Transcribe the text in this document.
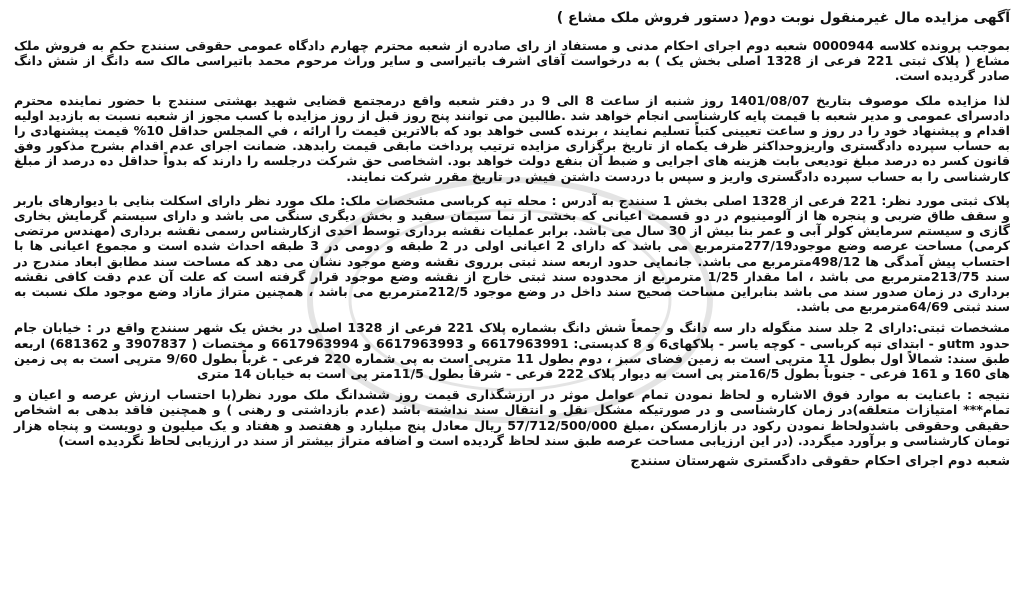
آگهی مزایده مال غیرمنقول نوبت دوم( دستور فروش ملک مشاع )
بموجب پرونده کلاسه 0000944 شعبه دوم اجرای احکام مدنی و مستفاد از رای صادره از شعبه محترم چهارم دادگاه عمومی حقوقی سنندج حکم به فروش ملک مشاع ( پلاک ثبتی 221 فرعی از 1328 اصلی بخش یک ) به درخواست آقای اشرف باتیراسی و سایر وراث مرحوم محمد باتیراسی مالک سه دانگ از شش دانگ صادر گردیده است.
لذا مزایده ملک موصوف بتاریخ 1401/08/07 روز شنبه از ساعت 8 الی 9 در دفتر شعبه واقع درمجتمع قضایی شهید بهشتی سنندج با حضور نماینده محترم دادسرای عمومی و مدیر شعبه با قیمت پایه کارشناسی انجام خواهد شد .طالبین می توانند پنج روز قبل از روز مزایده با کسب مجوز از شعبه نسبت به بازدید اولیه اقدام و پیشنهاد خود را در روز و ساعت تعیینی کتباً تسلیم نمایند ، برنده کسی خواهد بود که بالاترین قیمت را ارائه ، في المجلس حداقل 10% قیمت پیشنهادی را به حساب سپرده دادگستری واریزوحداکثر ظرف یکماه از تاریخ برگزاری مزایده ترتیب پرداخت مابقی قیمت رابدهد. ضمانت اجرای عدم اقدام بشرح مذکور وفق قانون کسر ده درصد مبلغ تودیعی بابت هزینه های اجرایی و ضبط آن بنفع دولت خواهد بود. اشخاصی حق شرکت درجلسه را دارند که بدواً حداقل ده درصد از مبلغ کارشناسی را به حساب سپرده دادگستری واریز و سپس با دردست داشتن فیش در تاریخ مقرر شرکت نمایند.
پلاک ثبتی مورد نظر: 221 فرعی از 1328 اصلی بخش 1 سنندج به آدرس : محله تپه کرباسی مشخصات ملک: ملک مورد نظر دارای اسکلت بنایی با دیوارهای باربر و سقف طاق ضربی و پنجره ها از آلومینیوم در دو قسمت اعیانی که بخشی از نما سیمان سفید و بخش دیگری سنگی می باشد و دارای سیستم گرمایش بخاری گازی و سیستم سرمایش کولر آبی و عمر بنا بیش از 30 سال می باشد. برابر عملیات نقشه برداری توسط احدی ازکارشناس رسمی نقشه برداری (مهندس مرتضی کرمی) مساحت عرصه وضع موجود277/19مترمربع می باشد که دارای 2 اعیانی اولی در 2 طبقه و دومی در 3 طبقه احداث شده است و مجموع اعیانی ها با احتساب پیش آمدگی ها 498/12مترمربع می باشد. جانمایی حدود اربعه سند ثبتی برروی نقشه وضع موجود نشان می دهد که مساحت سند مطابق ابعاد مندرج در سند 213/75مترمربع می باشد ، اما مقدار 1/25 مترمربع از محدوده سند ثبتی خارج از نقشه وضع موجود قرار گرفته است که علت آن عدم دقت کافی نقشه برداری در زمان صدور سند می باشد بنابراین مساحت صحیح سند داخل در وضع موجود 212/5مترمربع می باشد ، همچنین متراژ مازاد وضع موجود ملک نسبت به سند ثبتی 64/69مترمربع می باشد.
مشخصات ثبتی:دارای 2 جلد سند منگوله دار سه دانگ و جمعاً شش دانگ بشماره پلاک 221 فرعی از 1328 اصلی در بخش یک شهر سنندج واقع در : خیابان جام حدود utmو - ابتدای تپه کرباسی - کوچه یاسر - پلاکهای6 و 8 کدپستی: 6617963991 و 6617963993 و 6617963994 و مختصات ( 3907837 و 681362) اربعه طبق سند: شمالاً اول بطول 11 مترپی است به زمین فضای سبز ، دوم بطول 11 مترپی است به پی شماره 220 فرعی - غرباً بطول 9/60 مترپی است به پی زمین های 160 و 161 فرعی - جنوباً بطول 16/5متر پی است به دیوار پلاک 222 فرعی - شرقاً بطول 11/5متر پی است به خیابان 14 متری
نتیجه : باعنایت به موارد فوق الاشاره و لحاظ نمودن تمام عوامل موثر در ارزشگذاری قیمت روز ششدانگ ملک مورد نظر(با احتساب ارزش عرصه و اعیان و تمام*** امتیازات متعلقه)در زمان کارشناسی و در صورتیکه مشکل نقل و انتقال سند نداشته باشد (عدم بازداشتی و رهنی ) و همچنین فاقد بدهی به اشخاص حقیقی وحقوقی باشدولحاظ نمودن رکود در بازارمسکن ،مبلغ 57/712/500/000 ریال معادل پنج میلیارد و هفتصد و هفتاد و یک میلیون و دویست و پنجاه هزار تومان کارشناسی و برآورد میگردد. (در این ارزیابی مساحت عرصه طبق سند لحاظ گردیده است و اضافه متراژ بیشتر از سند در ارزیابی لحاظ نگردیده است)
شعبه دوم اجرای احکام حقوقی دادگستری شهرستان سنندج
